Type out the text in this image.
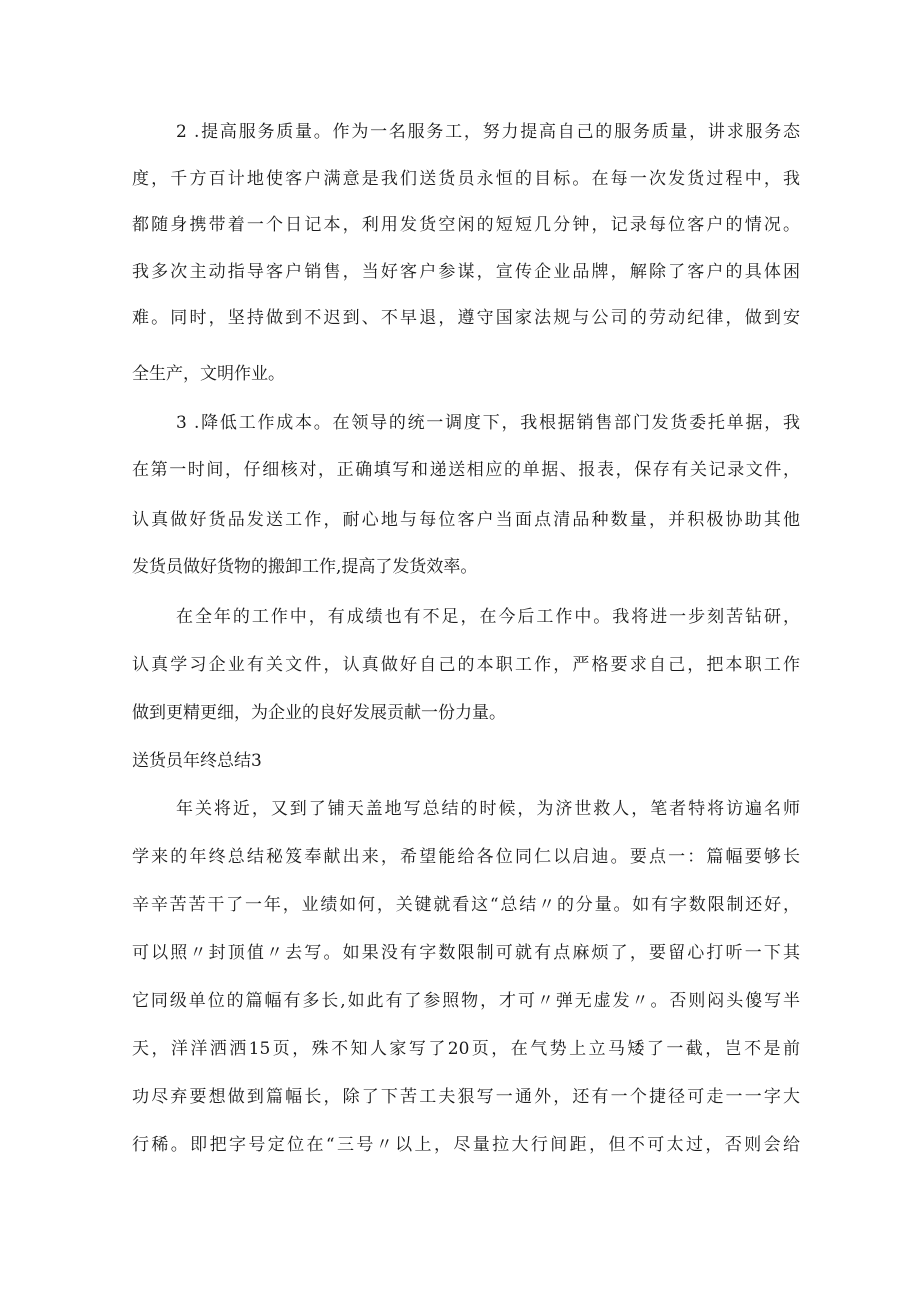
2 .提高服务质量。作为一名服务工，努力提高自己的服务质量，讲求服务态
度，千方百计地使客户满意是我们送货员永恒的目标。在每一次发货过程中，我
都随身携带着一个日记本，利用发货空闲的短短几分钟，记录每位客户的情况。
我多次主动指导客户销售，当好客户参谋，宣传企业品牌，解除了客户的具体困
难。同时，坚持做到不迟到、不早退，遵守国家法规与公司的劳动纪律，做到安
全生产，文明作业。
3 .降低工作成本。在领导的统一调度下，我根据销售部门发货委托单据，我
在第一时间，仔细核对，正确填写和递送相应的单据、报表，保存有关记录文件，
认真做好货品发送工作，耐心地与每位客户当面点清品种数量，并积极协助其他
发货员做好货物的搬卸工作,提高了发货效率。
在全年的工作中，有成绩也有不足，在今后工作中。我将进一步刻苦钻研，
认真学习企业有关文件，认真做好自己的本职工作，严格要求自己，把本职工作
做到更精更细，为企业的良好发展贡献一份力量。
送货员年终总结3
年关将近，又到了铺天盖地写总结的时候，为济世救人，笔者特将访遍名师
学来的年终总结秘笈奉献出来，希望能给各位同仁以启迪。要点一：篇幅要够长
辛辛苦苦干了一年，业绩如何，关键就看这“总结〃的分量。如有字数限制还好，
可以照〃封顶值〃去写。如果没有字数限制可就有点麻烦了，要留心打听一下其
它同级单位的篇幅有多长,如此有了参照物，才可〃弹无虚发〃。否则闷头傻写半
天，洋洋洒洒15页，殊不知人家写了20页，在气势上立马矮了一截，岂不是前
功尽弃要想做到篇幅长，除了下苦工夫狠写一通外，还有一个捷径可走一一字大
行稀。即把字号定位在“三号〃以上，尽量拉大行间距，但不可太过，否则会给
